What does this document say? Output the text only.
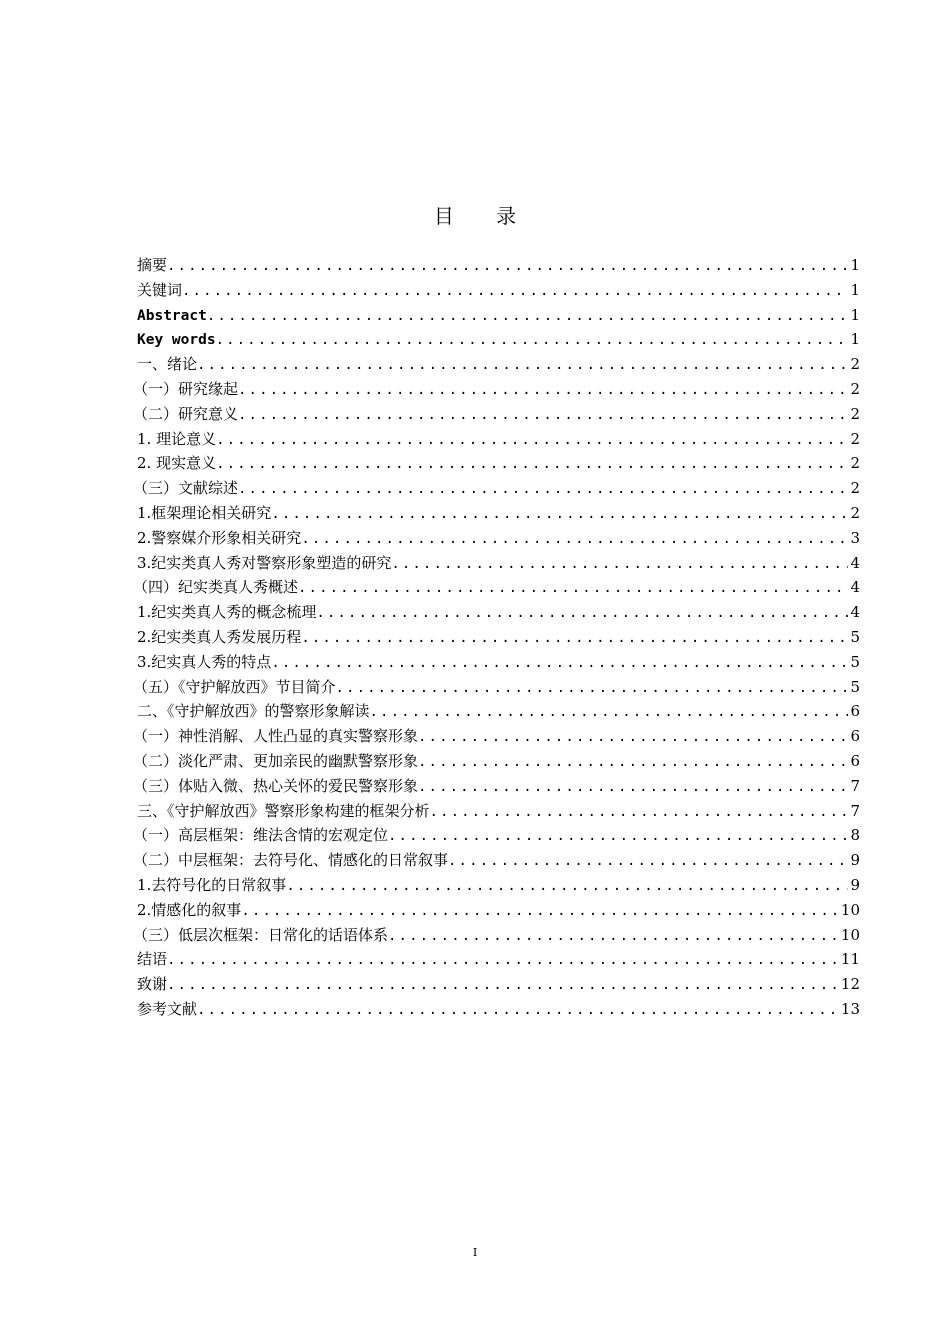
目 录
摘要 .....	1
关键词 .....	1
Abstract .....	1
Key words .....	1
一、绪论 .....	2
（一）研究缘起 .....	2
（二）研究意义 .....	2
1. 理论意义 .....	2
2. 现实意义 .....	2
（三）文献综述 .....	2
1.框架理论相关研究 .....	2
2.警察媒介形象相关研究 .....	3
3.纪实类真人秀对警察形象塑造的研究 .....	4
（四）纪实类真人秀概述 .....	4
1.纪实类真人秀的概念梳理 .....	4
2.纪实类真人秀发展历程 .....	5
3.纪实真人秀的特点 .....	5
（五）《守护解放西》节目简介 .....	5
二、《守护解放西》的警察形象解读 .....	6
（一）神性消解、人性凸显的真实警察形象 .....	6
（二）淡化严肃、更加亲民的幽默警察形象 .....	6
（三）体贴入微、热心关怀的爱民警察形象 .....	7
三、《守护解放西》警察形象构建的框架分析 .....	7
（一）高层框架：维法含情的宏观定位 .....	8
（二）中层框架：去符号化、情感化的日常叙事 .....	9
1.去符号化的日常叙事 .....	9
2.情感化的叙事 .....	10
（三）低层次框架：日常化的话语体系 .....	10
结语 .....	11
致谢 .....	12
参考文献 .....	13
I
